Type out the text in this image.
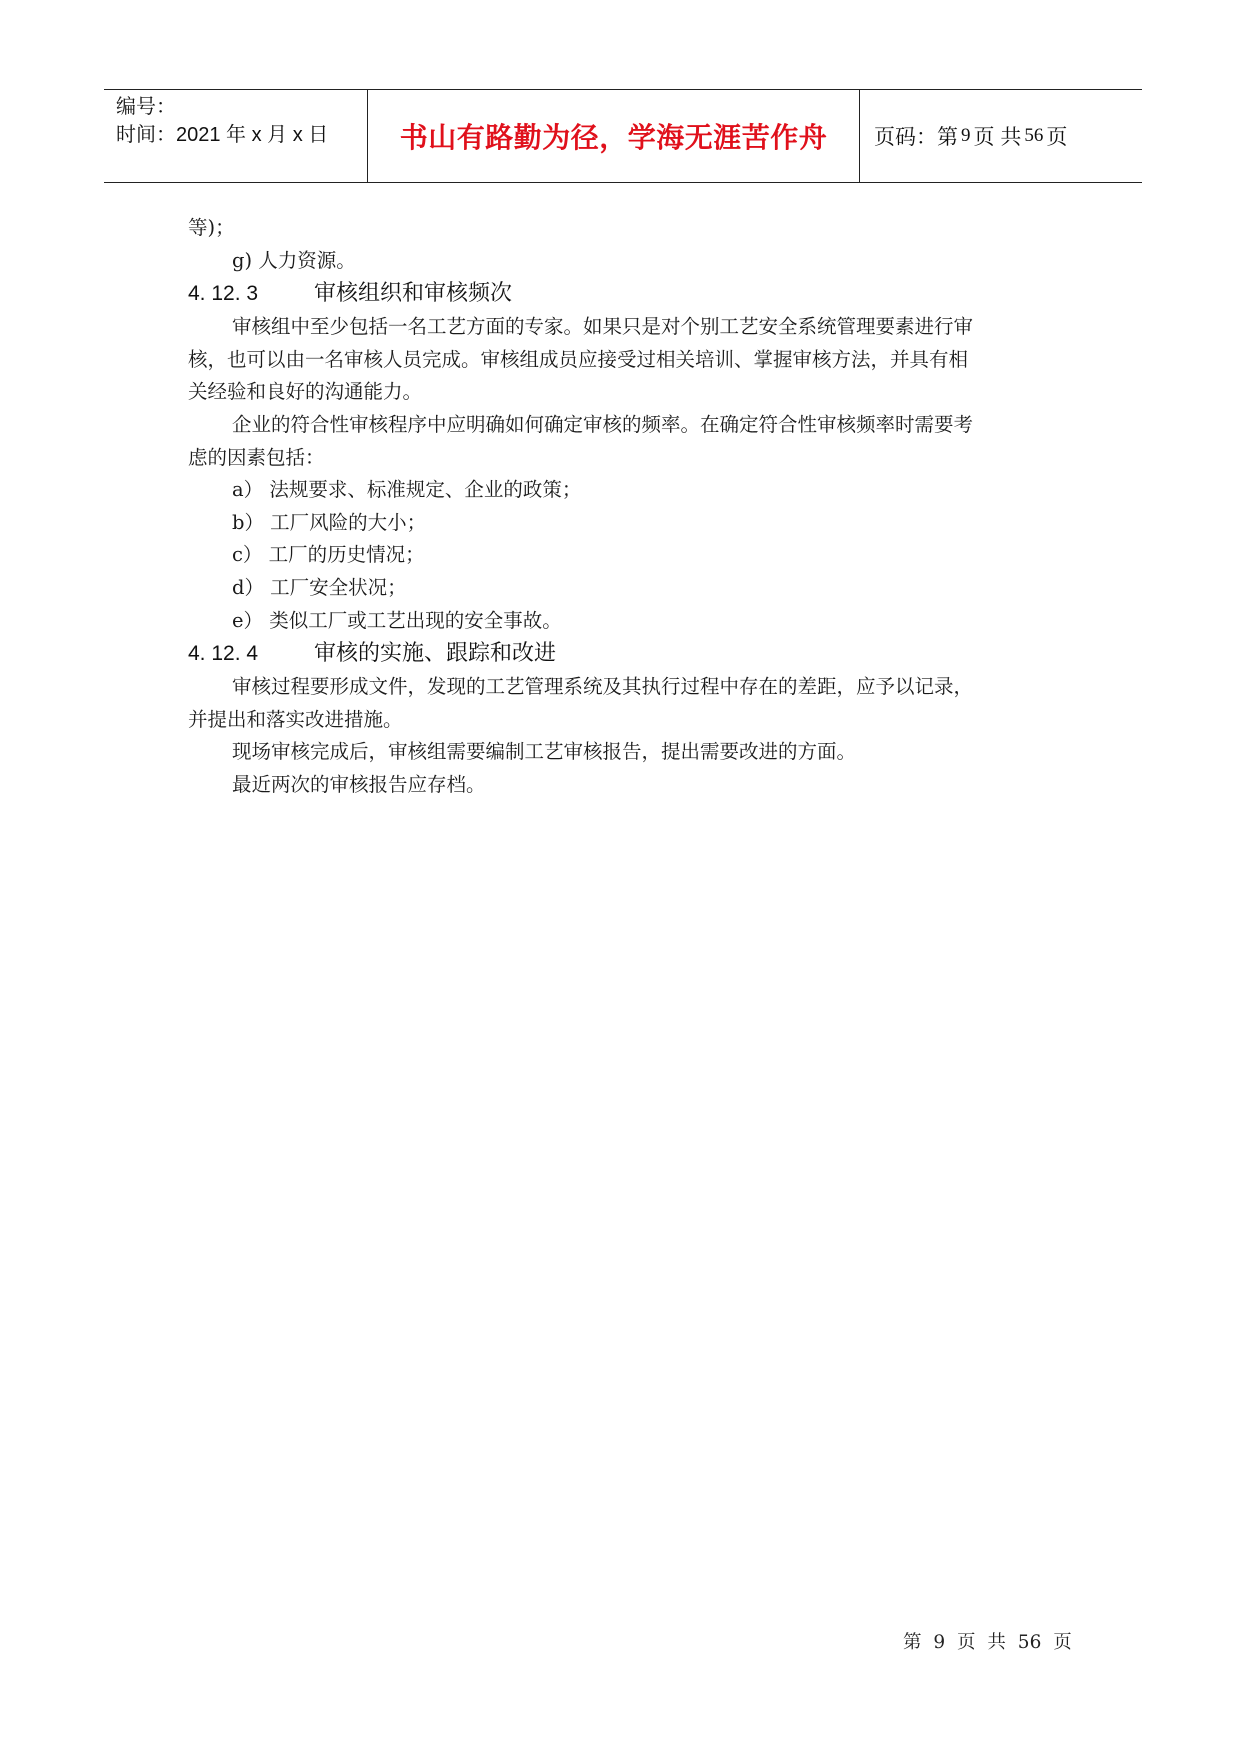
编号：
时间：2021 年 x 月 x 日	书山有路勤为径，学海无涯苦作舟	页码：第 9 页 共 56 页
等)；
g) 人力资源。
4. 12. 3	审核组织和审核频次
审核组中至少包括一名工艺方面的专家。如果只是对个别工艺安全系统管理要素进行审
核，也可以由一名审核人员完成。审核组成员应接受过相关培训、掌握审核方法，并具有相
关经验和良好的沟通能力。
企业的符合性审核程序中应明确如何确定审核的频率。在确定符合性审核频率时需要考
虑的因素包括：
a） 法规要求、标准规定、企业的政策；
b） 工厂风险的大小；
c） 工厂的历史情况；
d） 工厂安全状况；
e） 类似工厂或工艺出现的安全事故。
4. 12. 4	审核的实施、跟踪和改进
审核过程要形成文件，发现的工艺管理系统及其执行过程中存在的差距，应予以记录，
并提出和落实改进措施。
现场审核完成后，审核组需要编制工艺审核报告，提出需要改进的方面。
最近两次的审核报告应存档。
第 9 页 共 56 页
